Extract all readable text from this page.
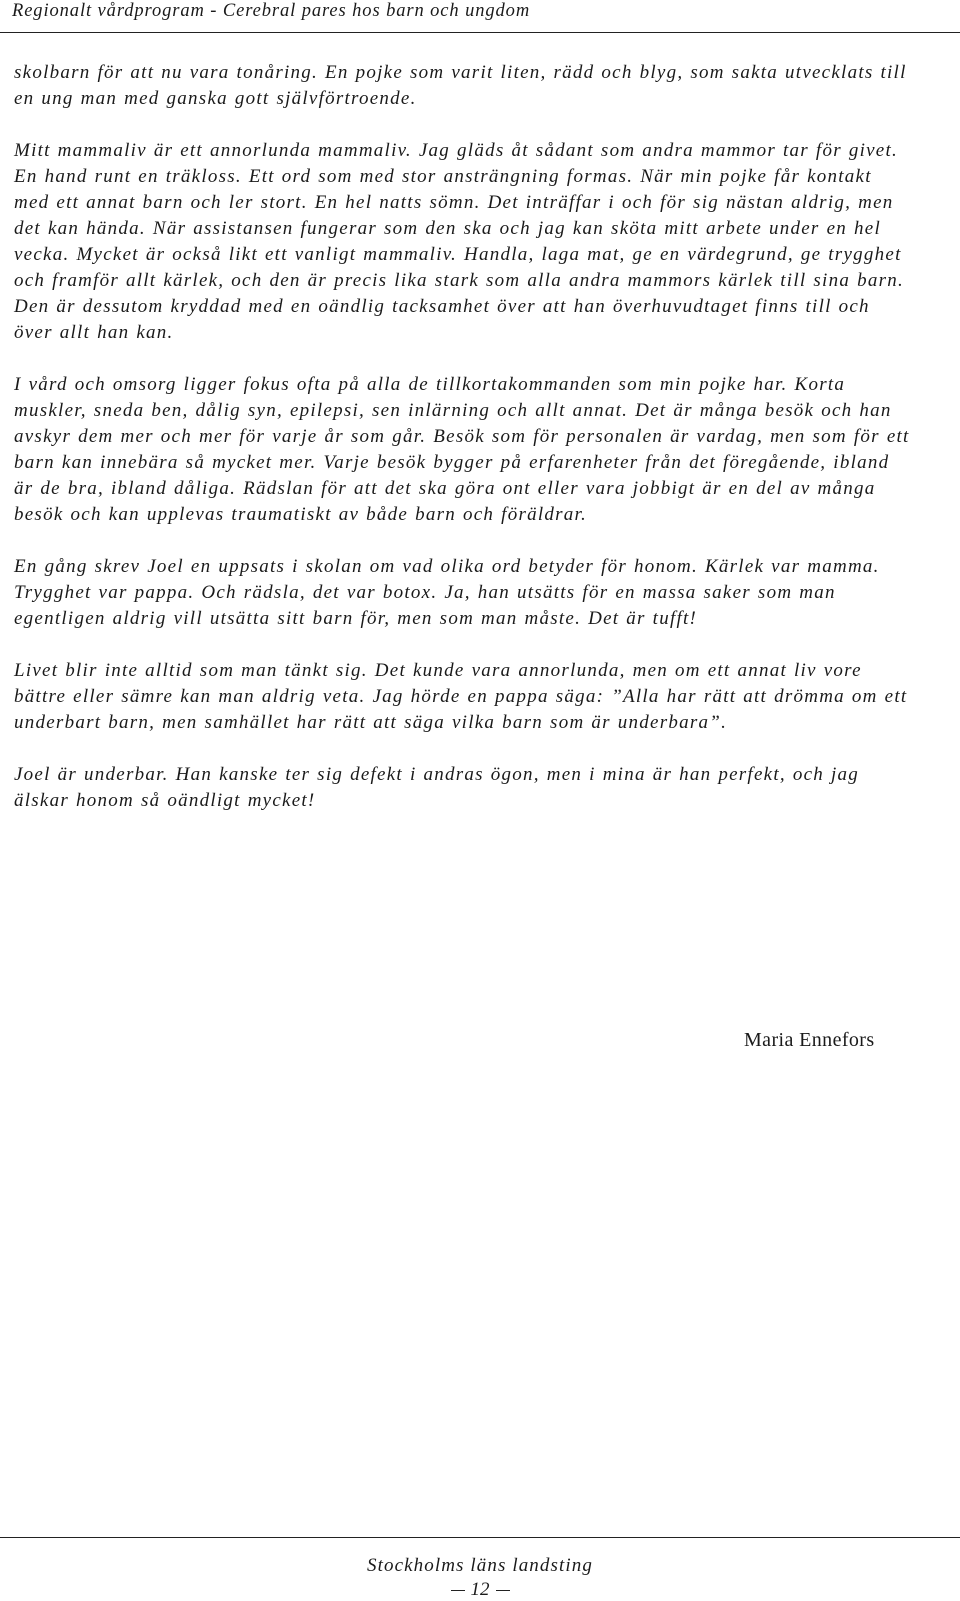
Regionalt vårdprogram - Cerebral pares hos barn och ungdom

skolbarn för att nu vara tonåring. En pojke som varit liten, rädd och blyg, som sakta utvecklats till en ung man med ganska gott självförtroende.

Mitt mammaliv är ett annorlunda mammaliv. Jag gläds åt sådant som andra mammor tar för givet. En hand runt en träkloss. Ett ord som med stor ansträngning formas. När min pojke får kontakt med ett annat barn och ler stort. En hel natts sömn. Det inträffar i och för sig nästan aldrig, men det kan hända. När assistansen fungerar som den ska och jag kan sköta mitt arbete under en hel vecka. Mycket är också likt ett vanligt mammaliv. Handla, laga mat, ge en värdegrund, ge trygghet och framför allt kärlek, och den är precis lika stark som alla andra mammors kärlek till sina barn. Den är dessutom kryddad med en oändlig tacksamhet över att han överhuvudtaget finns till och över allt han kan.

I vård och omsorg ligger fokus ofta på alla de tillkortakommanden som min pojke har. Korta muskler, sneda ben, dålig syn, epilepsi, sen inlärning och allt annat. Det är många besök och han avskyr dem mer och mer för varje år som går. Besök som för personalen är vardag, men som för ett barn kan innebära så mycket mer. Varje besök bygger på erfarenheter från det föregående, ibland är de bra, ibland dåliga. Rädslan för att det ska göra ont eller vara jobbigt är en del av många besök och kan upplevas traumatiskt av både barn och föräldrar.

En gång skrev Joel en uppsats i skolan om vad olika ord betyder för honom. Kärlek var mamma. Trygghet var pappa. Och rädsla, det var botox. Ja, han utsätts för en massa saker som man egentligen aldrig vill utsätta sitt barn för, men som man måste. Det är tufft!

Livet blir inte alltid som man tänkt sig. Det kunde vara annorlunda, men om ett annat liv vore bättre eller sämre kan man aldrig veta. Jag hörde en pappa säga: ”Alla har rätt att drömma om ett underbart barn, men samhället har rätt att säga vilka barn som är underbara”.

Joel är underbar. Han kanske ter sig defekt i andras ögon, men i mina är han perfekt, och jag älskar honom så oändligt mycket!

Maria Ennefors
Stockholms läns landsting
12
